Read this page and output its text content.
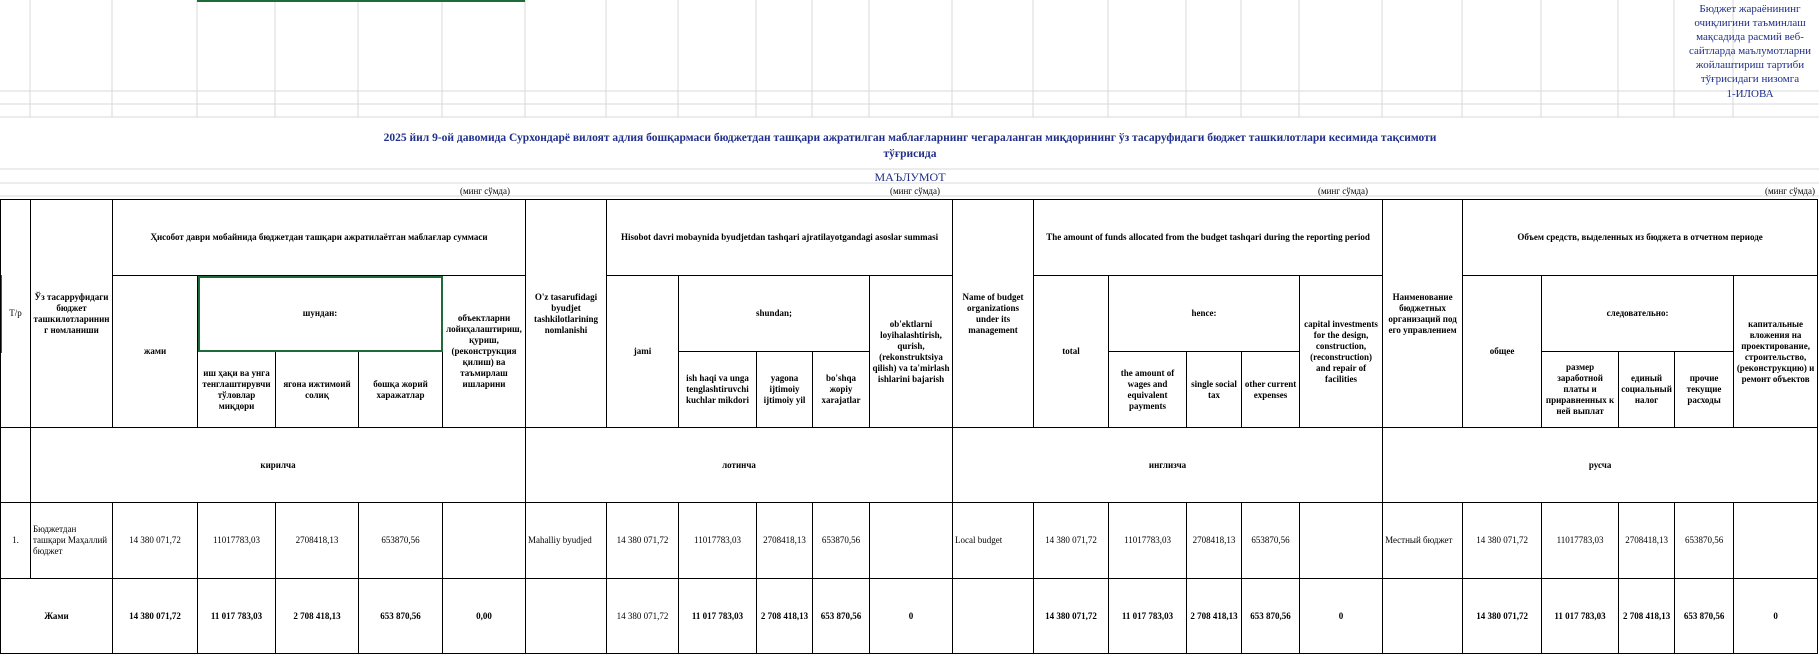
Бюджет жараёнининг очиқлигини таъминлаш мақсадида расмий веб-сайтларда маълумотларни жойлаштириш тартиби тўғрисидаги низомга
1-ИЛОВА
2025 йил 9-ой давомида Сурхондарё вилоят адлия бошқармаси бюджетдан ташқари ажратилган маблағларнинг чегараланган миқдорининг ўз тасаруфидаги бюджет ташкилотлари кесимида тақсимоти тўғрисида
МАЪЛУМОТ
(минг сўмда)	(минг сўмда)	(минг сўмда)	(минг сўмда)
Т/р	Ўз тасарруфидаги бюджет ташкилотларининг номланиши	Ҳисобот даври мобайнида бюджетдан ташқари ажратилаётган маблағлар суммаси					O'z tasarufidagi byudjet tashkilotlarining nomlanishi	Hisobot davri mobaynida byudjetdan tashqari ajratilayotgandagi asoslar summasi					Name of budget organizations under its management	The amount of funds allocated from the budget tashqari during the reporting period					Наименование бюджетных организаций под его управлением	Объем средств, выделенных из бюджета в отчетном периоде				
		жами	шундан:			объектларни лойиҳалаштириш, қуриш, (реконструкция қилиш) ва таъмирлаш ишларини		jami	shundan;			ob'ektlarni loyihalashtirish, qurish, (rekonstruktsiya qilish) va ta'mirlash ishlarini bajarish		total	hence:			capital investments for the design, construction, (reconstruction) and repair of facilities		общее	следовательно:			капитальные вложения на проектирование, строительство, (реконструкцию) и ремонт объектов

			иш ҳақи ва унга тенглаштирувчи тўловлар миқдори	ягона ижтимоий солиқ	бошқа жорий харажатлар				ish haqi va unga tenglashtiruvchi kuchlar mikdori	yagona ijtimoiy ijtimoiy yil	bo'shqa жорiy xarajatlar				the amount of wages and equivalent payments	single social tax	other current expenses				размер заработной платы и приравненных к ней выплат	единый социальный налог	прочие текущие расходы	
	кирилча						лотинча						инглизча						русча					
1.	Бюджетдан ташқари Маҳаллий бюджет	14 380 071,72	11017783,03	2708418,13	653870,56		Mahalliy byudjed	14 380 071,72	11017783,03	2708418,13	653870,56		Local budget	14 380 071,72	11017783,03	2708418,13	653870,56		Местный бюджет	14 380 071,72	11017783,03	2708418,13	653870,56	
Жами		14 380 071,72	11 017 783,03	2 708 418,13	653 870,56	0,00		14 380 071,72	11 017 783,03	2 708 418,13	653 870,56	0		14 380 071,72	11 017 783,03	2 708 418,13	653 870,56	0		14 380 071,72	11 017 783,03	2 708 418,13	653 870,56	0
